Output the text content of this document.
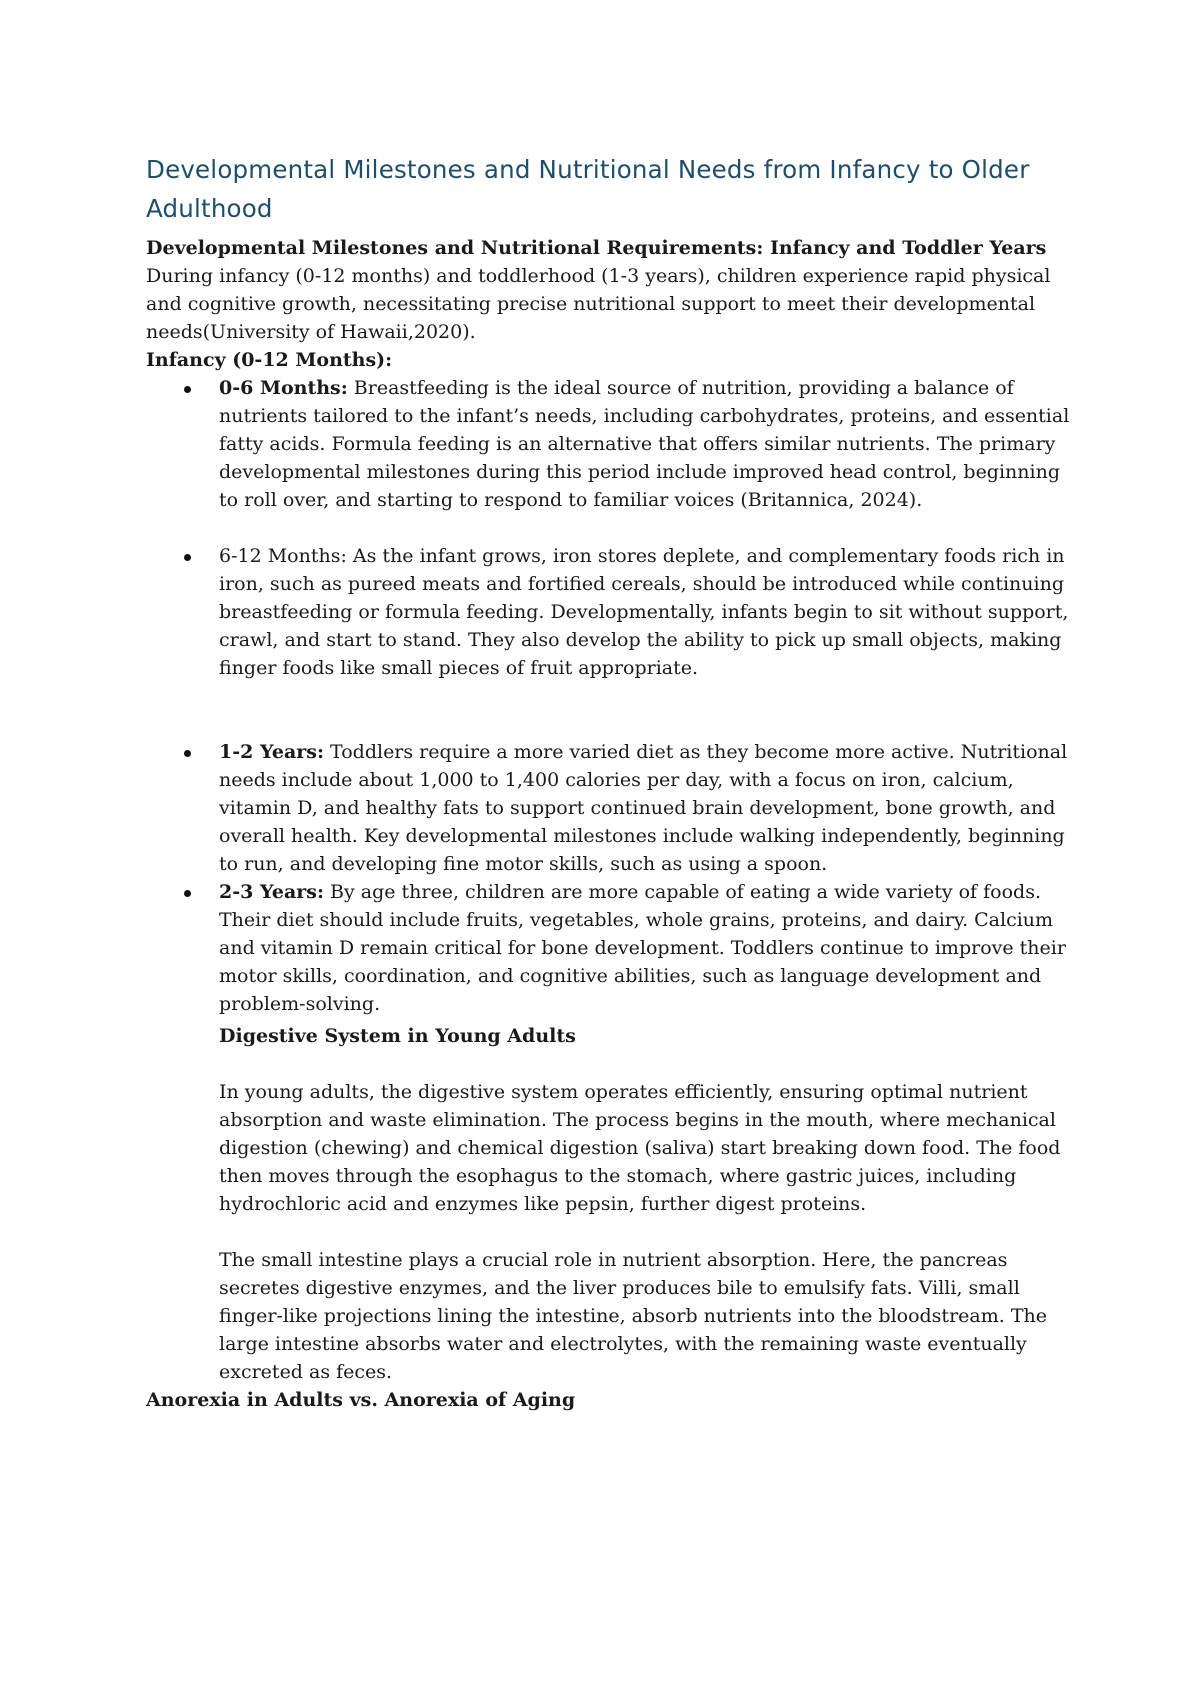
Developmental Milestones and Nutritional Needs from Infancy to Older Adulthood

Developmental Milestones and Nutritional Requirements: Infancy and Toddler Years

During infancy (0-12 months) and toddlerhood (1-3 years), children experience rapid physical and cognitive growth, necessitating precise nutritional support to meet their developmental needs(University of Hawaii,2020).

Infancy (0-12 Months):

0-6 Months: Breastfeeding is the ideal source of nutrition, providing a balance of nutrients tailored to the infant’s needs, including carbohydrates, proteins, and essential fatty acids. Formula feeding is an alternative that offers similar nutrients. The primary developmental milestones during this period include improved head control, beginning to roll over, and starting to respond to familiar voices (Britannica, 2024).
6-12 Months: As the infant grows, iron stores deplete, and complementary foods rich in iron, such as pureed meats and fortified cereals, should be introduced while continuing breastfeeding or formula feeding. Developmentally, infants begin to sit without support, crawl, and start to stand. They also develop the ability to pick up small objects, making finger foods like small pieces of fruit appropriate.
1-2 Years: Toddlers require a more varied diet as they become more active. Nutritional needs include about 1,000 to 1,400 calories per day, with a focus on iron, calcium, vitamin D, and healthy fats to support continued brain development, bone growth, and overall health. Key developmental milestones include walking independently, beginning to run, and developing fine motor skills, such as using a spoon.
2-3 Years: By age three, children are more capable of eating a wide variety of foods. Their diet should include fruits, vegetables, whole grains, proteins, and dairy. Calcium and vitamin D remain critical for bone development. Toddlers continue to improve their motor skills, coordination, and cognitive abilities, such as language development and problem-solving.

Digestive System in Young Adults

In young adults, the digestive system operates efficiently, ensuring optimal nutrient absorption and waste elimination. The process begins in the mouth, where mechanical digestion (chewing) and chemical digestion (saliva) start breaking down food. The food then moves through the esophagus to the stomach, where gastric juices, including hydrochloric acid and enzymes like pepsin, further digest proteins.

The small intestine plays a crucial role in nutrient absorption. Here, the pancreas secretes digestive enzymes, and the liver produces bile to emulsify fats. Villi, small finger-like projections lining the intestine, absorb nutrients into the bloodstream. The large intestine absorbs water and electrolytes, with the remaining waste eventually excreted as feces.

Anorexia in Adults vs. Anorexia of Aging
